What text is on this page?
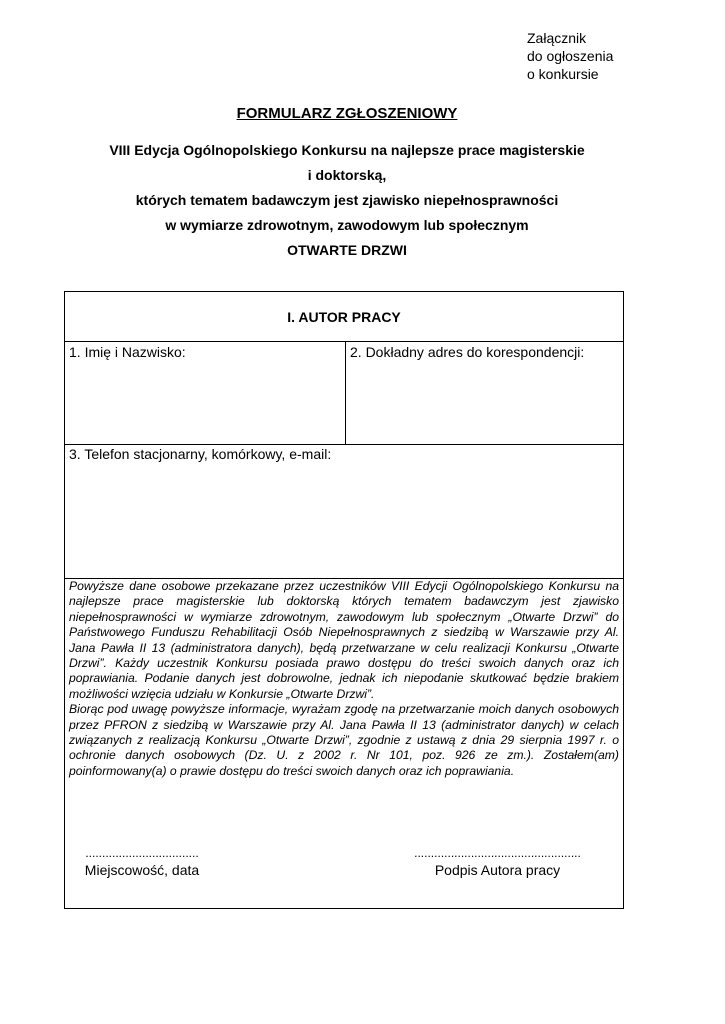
Załącznik
do ogłoszenia
o konkursie
FORMULARZ ZGŁOSZENIOWY
VIII Edycja Ogólnopolskiego Konkursu na najlepsze prace magisterskie
i doktorską,
których tematem badawczym jest zjawisko niepełnosprawności
w wymiarze zdrowotnym, zawodowym lub społecznym
OTWARTE DRZWI
I. AUTOR PRACY
1. Imię i Nazwisko:	2. Dokładny adres do korespondencji:
3. Telefon stacjonarny, komórkowy, e-mail:

Powyższe dane osobowe przekazane przez uczestników VIII Edycji Ogólnopolskiego Konkursu na najlepsze prace magisterskie lub doktorską których tematem badawczym jest zjawisko niepełnosprawności w wymiarze zdrowotnym, zawodowym lub społecznym „Otwarte Drzwi” do Państwowego Funduszu Rehabilitacji Osób Niepełnosprawnych z siedzibą w Warszawie przy Al. Jana Pawła II 13 (administratora danych), będą przetwarzane w celu realizacji Konkursu „Otwarte Drzwi”. Każdy uczestnik Konkursu posiada prawo dostępu do treści swoich danych oraz ich poprawiania. Podanie danych jest dobrowolne, jednak ich niepodanie skutkować będzie brakiem możliwości wzięcia udziału w Konkursie „Otwarte Drzwi”.

Biorąc pod uwagę powyższe informacje, wyrażam zgodę na przetwarzanie moich danych osobowych przez PFRON z siedzibą w Warszawie przy Al. Jana Pawła II 13 (administrator danych) w celach związanych z realizacją Konkursu „Otwarte Drzwi”, zgodnie z ustawą z dnia 29 sierpnia 1997 r. o ochronie danych osobowych (Dz. U. z 2002 r. Nr 101, poz. 926 ze zm.). Zostałem(am) poinformowany(a) o prawie dostępu do treści swoich danych oraz ich poprawiania.

..................................
Miejscowość, data
..................................................
Podpis Autora pracy
